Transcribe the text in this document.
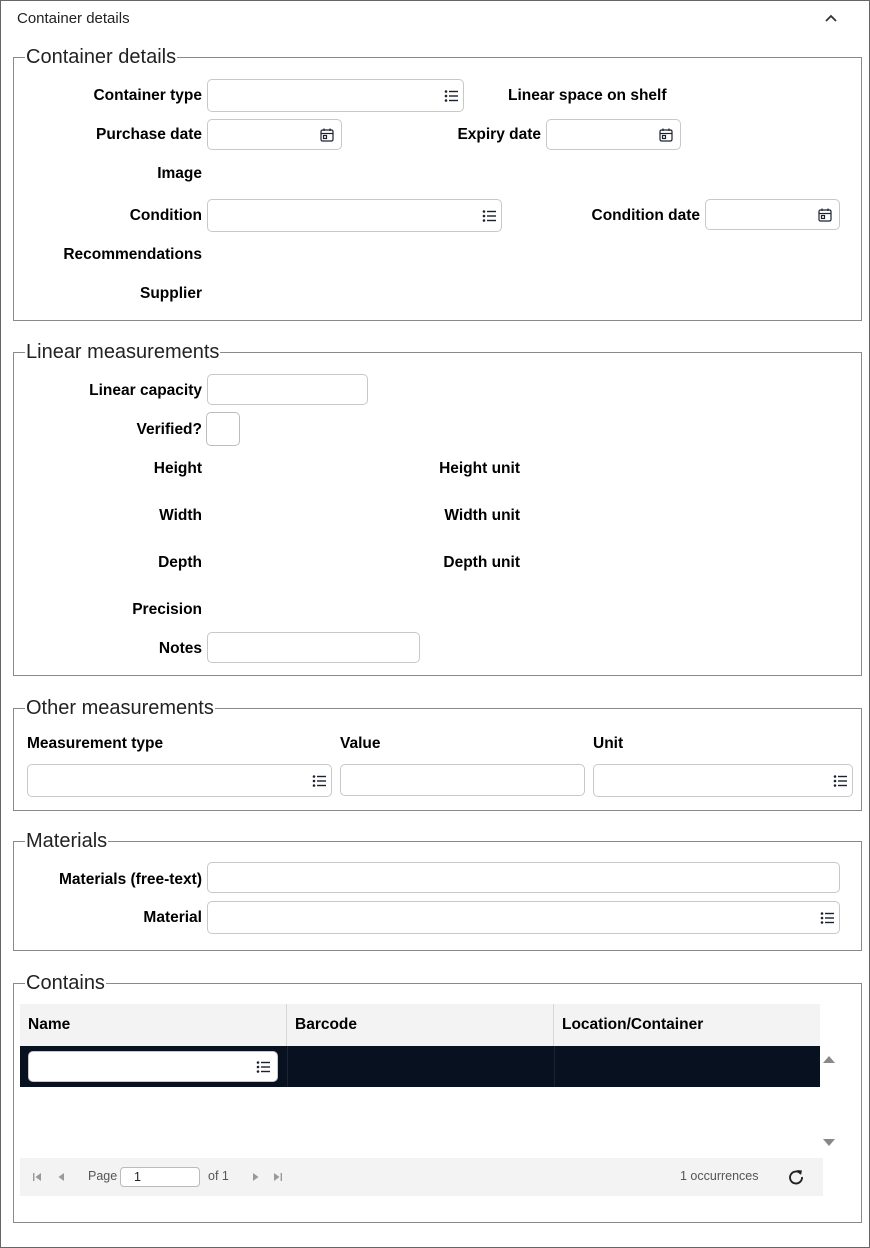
Container details
Container details
Container type	Linear space on shelf
Purchase date	Expiry date
Image
Condition	Condition date
Recommendations
Supplier
Linear measurements
Linear capacity
Verified?
Height	Height unit
Width	Width unit
Depth	Depth unit
Precision
Notes
Other measurements
Measurement type	Value	Unit
Materials
Materials (free-text)
Material
Contains
Name	Barcode	Location/Container
Page	1	of 1	1 occurrences
